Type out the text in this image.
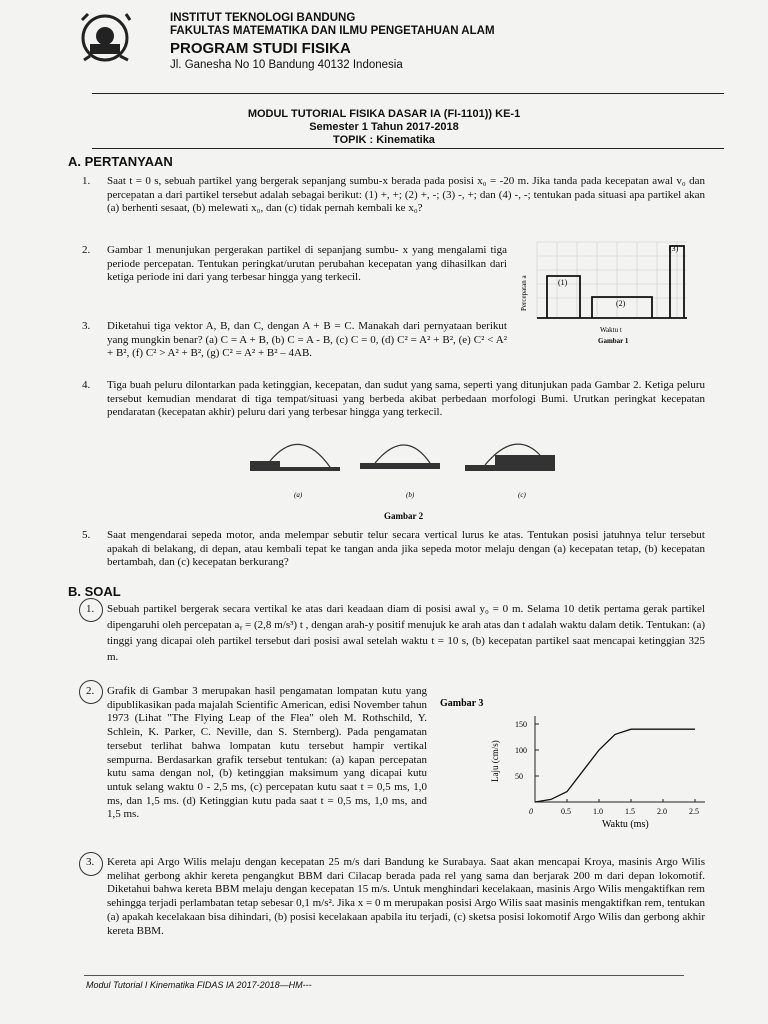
INSTITUT TEKNOLOGI BANDUNG
FAKULTAS MATEMATIKA DAN ILMU PENGETAHUAN ALAM
PROGRAM STUDI FISIKA
Jl. Ganesha No 10 Bandung 40132 Indonesia
MODUL TUTORIAL FISIKA DASAR IA (FI-1101)) KE-1
Semester 1 Tahun 2017-2018
TOPIK : Kinematika
A. PERTANYAAN
1. Saat t = 0 s, sebuah partikel yang bergerak sepanjang sumbu-x berada pada posisi x₀ = -20 m. Jika tanda pada kecepatan awal v₀ dan percepatan a dari partikel tersebut adalah sebagai berikut: (1) +, +; (2) +, -; (3) -, +; dan (4) -, -; tentukan pada situasi apa partikel akan (a) berhenti sesaat, (b) melewati x₀, dan (c) tidak pernah kembali ke x₀?
2. Gambar 1 menunjukan pergerakan partikel di sepanjang sumbu- x yang mengalami tiga periode percepatan. Tentukan peringkat/urutan perubahan kecepatan yang dihasilkan dari ketiga periode ini dari yang terbesar hingga yang terkecil.	(1)
(2)
(3)
Percepatan a
Waktu t
Gambar 1
3. Diketahui tiga vektor A, B, dan C, dengan A + B = C. Manakah dari pernyataan berikut yang mungkin benar? (a) C = A + B, (b) C = A - B, (c) C = 0, (d) C² = A² + B², (e) C² < A² + B², (f) C² > A² + B², (g) C² = A² + B² – 4AB.
4. Tiga buah peluru dilontarkan pada ketinggian, kecepatan, dan sudut yang sama, seperti yang ditunjukan pada Gambar 2. Ketiga peluru tersebut kemudian mendarat di tiga tempat/situasi yang berbeda akibat perbedaan morfologi Bumi. Urutkan peringkat kecepatan pendaratan (kecepatan akhir) peluru dari yang terbesar hingga yang terkecil.
(a)	(b)	(c)
Gambar 2
5. Saat mengendarai sepeda motor, anda melempar sebutir telur secara vertical lurus ke atas. Tentukan posisi jatuhnya telur tersebut apakah di belakang, di depan, atau kembali tepat ke tangan anda jika sepeda motor melaju dengan (a) kecepatan tetap, (b) kecepatan bertambah, dan (c) kecepatan berkurang?
B. SOAL
1. Sebuah partikel bergerak secara vertikal ke atas dari keadaan diam di posisi awal y₀ = 0 m. Selama 10 detik pertama gerak partikel dipengaruhi oleh percepatan aᵧ = (2,8 m/s³) t , dengan arah-y positif menujuk ke arah atas dan t adalah waktu dalam detik. Tentukan: (a) tinggi yang dicapai oleh partikel tersebut dari posisi awal setelah waktu t = 10 s, (b) kecepatan partikel saat mencapai ketinggian 325 m.
2. Grafik di Gambar 3 merupakan hasil pengamatan lompatan kutu yang dipublikasikan pada majalah Scientific American, edisi November tahun 1973 (Lihat "The Flying Leap of the Flea" oleh M. Rothschild, Y. Schlein, K. Parker, C. Neville, dan S. Sternberg). Pada pengamatan tersebut terlihat bahwa lompatan kutu tersebut hampir vertikal sempurna. Berdasarkan grafik tersebut tentukan: (a) kapan percepatan kutu sama dengan nol, (b) ketinggian maksimum yang dicapai kutu untuk selang waktu 0 - 2,5 ms, (c) percepatan kutu saat t = 0,5 ms, 1,0 ms, dan 1,5 ms. (d) Ketinggian kutu pada saat t = 0,5 ms, 1,0 ms, and 1,5 ms.
Gambar 3
0	0.5	1.0	1.5	2.0	2.5
50
100
150
Laju (cm/s)
Waktu (ms)
3. Kereta api Argo Wilis melaju dengan kecepatan 25 m/s dari Bandung ke Surabaya. Saat akan mencapai Kroya, masinis Argo Wilis melihat gerbong akhir kereta pengangkut BBM dari Cilacap berada pada rel yang sama dan berjarak 200 m dari depan lokomotif. Diketahui bahwa kereta BBM melaju dengan kecepatan 15 m/s. Untuk menghindari kecelakaan, masinis Argo Wilis mengaktifkan rem sehingga terjadi perlambatan tetap sebesar 0,1 m/s². Jika x = 0 m merupakan posisi Argo Wilis saat masinis mengaktifkan rem, tentukan (a) apakah kecelakaan bisa dihindari, (b) posisi kecelakaan apabila itu terjadi, (c) sketsa posisi lokomotif Argo Wilis dan gerbong akhir kereta BBM.
Modul Tutorial I Kinematika FIDAS IA 2017-2018—HM---
